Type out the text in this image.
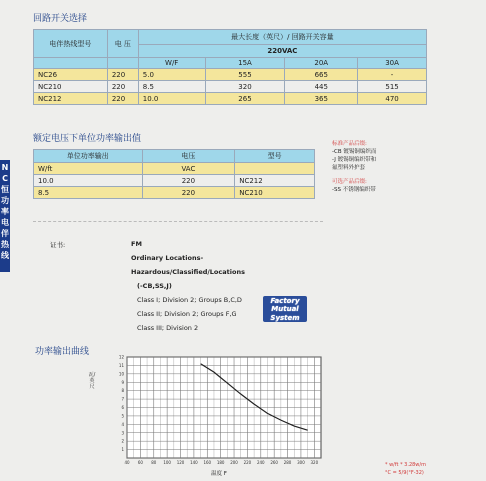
回路开关选择
电伴热线型号	电 压	最大长度（英尺）/ 回路开关容量			
		220VAC			
		W/F	15A	20A	30A
NC26	220	5.0	555	665	-
NC210	220	8.5	320	445	515
NC212	220	10.0	265	365	470
额定电压下单位功率输出值
单位功率输出	电压	型号
W/ft	VAC	
10.0	220	NC212
8.5	220	NC210
标准产品后缀:
-CB 镀锡铜编织而
-J 镀锡铜编织带和
氟塑料外护套
可选产品后缀:
-SS 不锈钢编织带
NC恒功率电伴热线
证书:	FM
Ordinary Locations-
Hazardous/Classified/Locations
(-CB,SS,J)
Class I; Division 2; Groups B,C,D
Class II; Division 2; Groups F,G
Class III; Division 2
Factory
Mutual
System
功率输出曲线
瓦/英尺
40 60 80 100 120 140 160 180 200 220 240 260 280 300 320
1
2
3
4
5
6
7
8
9
10
11
12
温度 F
* w/ft * 3.28w/m
°C = 5/9(°F-32)
